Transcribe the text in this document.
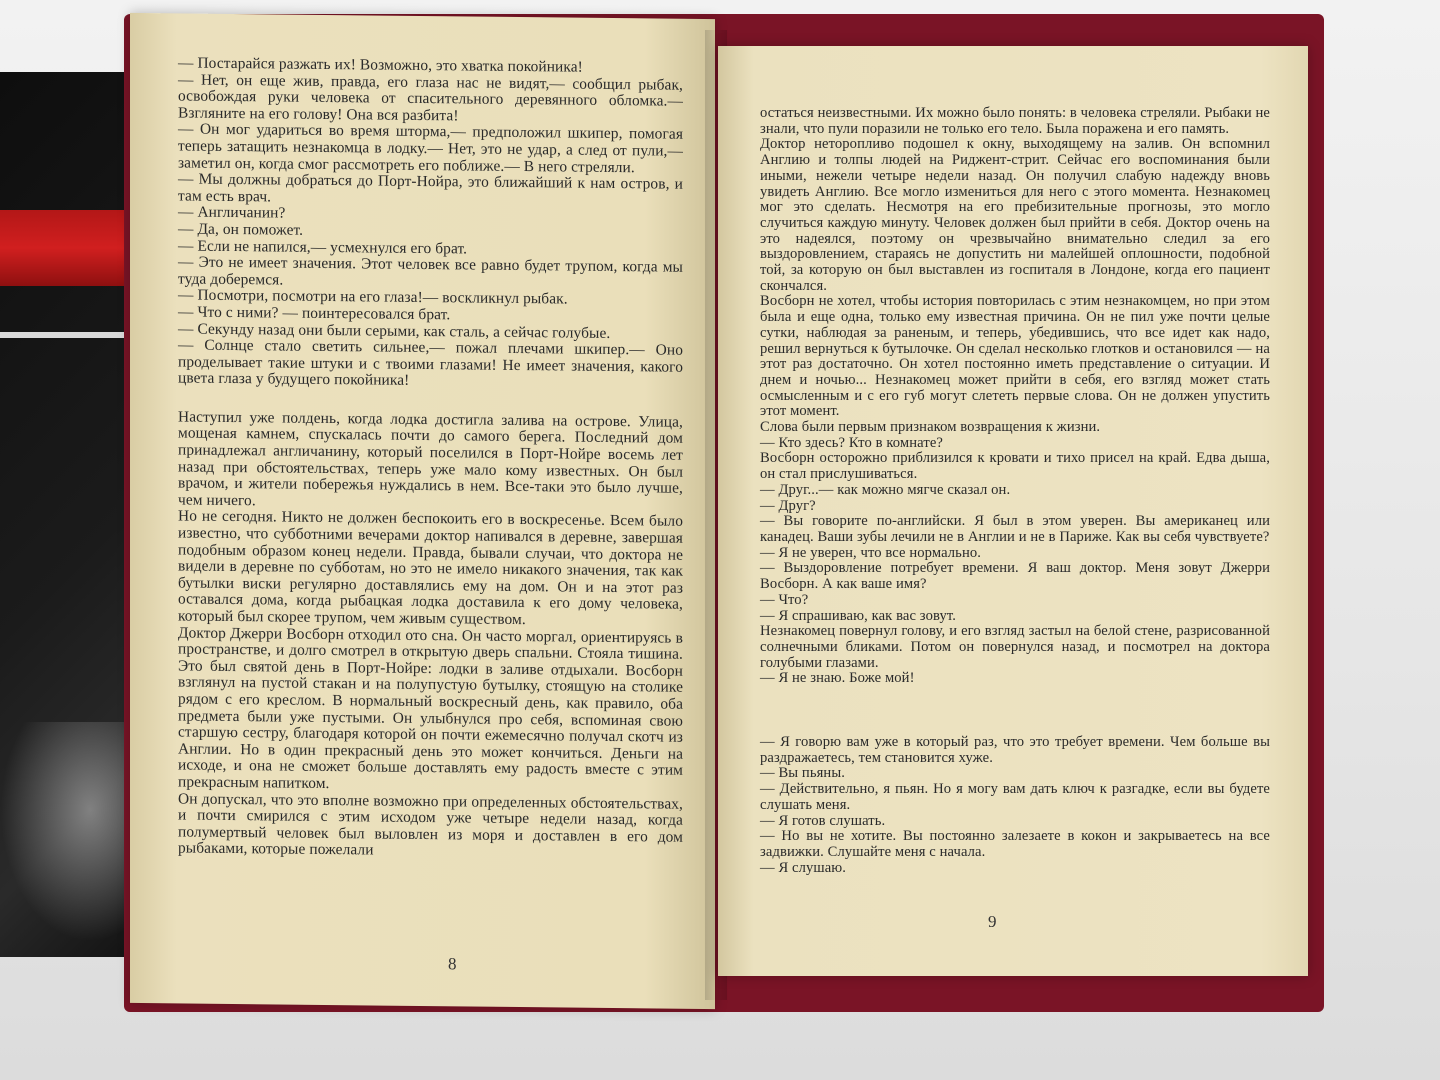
— Постарайся разжать их! Возможно, это хватка покойника!

— Нет, он еще жив, правда, его глаза нас не видят,— сообщил рыбак, освобождая руки человека от спасительного деревянного обломка.— Взгляните на его голову! Она вся разбита!

— Он мог удариться во время шторма,— предположил шкипер, помогая теперь затащить незнакомца в лодку.— Нет, это не удар, а след от пули,— заметил он, когда смог рассмотреть его поближе.— В него стреляли.

— Мы должны добраться до Порт-Нойра, это ближайший к нам остров, и там есть врач.

— Англичанин?

— Да, он поможет.

— Если не напился,— усмехнулся его брат.

— Это не имеет значения. Этот человек все равно будет трупом, когда мы туда доберемся.

— Посмотри, посмотри на его глаза!— воскликнул рыбак.

— Что с ними? — поинтересовался брат.

— Секунду назад они были серыми, как сталь, а сейчас голубые.

— Солнце стало светить сильнее,— пожал плечами шкипер.— Оно проделывает такие штуки и с твоими глазами! Не имеет значения, какого цвета глаза у будущего покойника!

Наступил уже полдень, когда лодка достигла залива на острове. Улица, мощеная камнем, спускалась почти до самого берега. Последний дом принадлежал англичанину, который поселился в Порт-Нойре восемь лет назад при обстоятельствах, теперь уже мало кому известных. Он был врачом, и жители побережья нуждались в нем. Все-таки это было лучше, чем ничего.

Но не сегодня. Никто не должен беспокоить его в воскресенье. Всем было известно, что субботними вечерами доктор напивался в деревне, завершая подобным образом конец недели. Правда, бывали случаи, что доктора не видели в деревне по субботам, но это не имело никакого значения, так как бутылки виски регулярно доставлялись ему на дом. Он и на этот раз оставался дома, когда рыбацкая лодка доставила к его дому человека, который был скорее трупом, чем живым существом.

Доктор Джерри Восборн отходил ото сна. Он часто моргал, ориентируясь в пространстве, и долго смотрел в открытую дверь спальни. Стояла тишина. Это был святой день в Порт-Нойре: лодки в заливе отдыхали. Восборн взглянул на пустой стакан и на полупустую бутылку, стоящую на столике рядом с его креслом. В нормальный воскресный день, как правило, оба предмета были уже пустыми. Он улыбнулся про себя, вспоминая свою старшую сестру, благодаря которой он почти ежемесячно получал скотч из Англии. Но в один прекрасный день это может кончиться. Деньги на исходе, и она не сможет больше доставлять ему радость вместе с этим прекрасным напитком.

Он допускал, что это вполне возможно при определенных обстоятельствах, и почти смирился с этим исходом уже четыре недели назад, когда полумертвый человек был выловлен из моря и доставлен в его дом рыбаками, которые пожелали

8

остаться неизвестными. Их можно было понять: в человека стреляли. Рыбаки не знали, что пули поразили не только его тело. Была поражена и его память.

Доктор неторопливо подошел к окну, выходящему на залив. Он вспомнил Англию и толпы людей на Риджент-стрит. Сейчас его воспоминания были иными, нежели четыре недели назад. Он получил слабую надежду вновь увидеть Англию. Все могло измениться для него с этого момента. Незнакомец мог это сделать. Несмотря на его пребизительные прогнозы, это могло случиться каждую минуту. Человек должен был прийти в себя. Доктор очень на это надеялся, поэтому он чрезвычайно внимательно следил за его выздоровлением, стараясь не допустить ни малейшей оплошности, подобной той, за которую он был выставлен из госпиталя в Лондоне, когда его пациент скончался.

Восборн не хотел, чтобы история повторилась с этим незнакомцем, но при этом была и еще одна, только ему известная причина. Он не пил уже почти целые сутки, наблюдая за раненым, и теперь, убедившись, что все идет как надо, решил вернуться к бутылочке. Он сделал несколько глотков и остановился — на этот раз достаточно. Он хотел постоянно иметь представление о ситуации. И днем и ночью... Незнакомец может прийти в себя, его взгляд может стать осмысленным и с его губ могут слететь первые слова. Он не должен упустить этот момент.

Слова были первым признаком возвращения к жизни.

— Кто здесь? Кто в комнате?

Восборн осторожно приблизился к кровати и тихо присел на край. Едва дыша, он стал прислушиваться.

— Друг...— как можно мягче сказал он.

— Друг?

— Вы говорите по-английски. Я был в этом уверен. Вы американец или канадец. Ваши зубы лечили не в Англии и не в Париже. Как вы себя чувствуете?

— Я не уверен, что все нормально.

— Выздоровление потребует времени. Я ваш доктор. Меня зовут Джерри Восборн. А как ваше имя?

— Что?

— Я спрашиваю, как вас зовут.

Незнакомец повернул голову, и его взгляд застыл на белой стене, разрисованной солнечными бликами. Потом он повернулся назад, и посмотрел на доктора голубыми глазами.

— Я не знаю. Боже мой!

— Я говорю вам уже в который раз, что это требует времени. Чем больше вы раздражаетесь, тем становится хуже.

— Вы пьяны.

— Действительно, я пьян. Но я могу вам дать ключ к разгадке, если вы будете слушать меня.

— Я готов слушать.

— Но вы не хотите. Вы постоянно залезаете в кокон и закрываетесь на все задвижки. Слушайте меня с начала.

— Я слушаю.

9
